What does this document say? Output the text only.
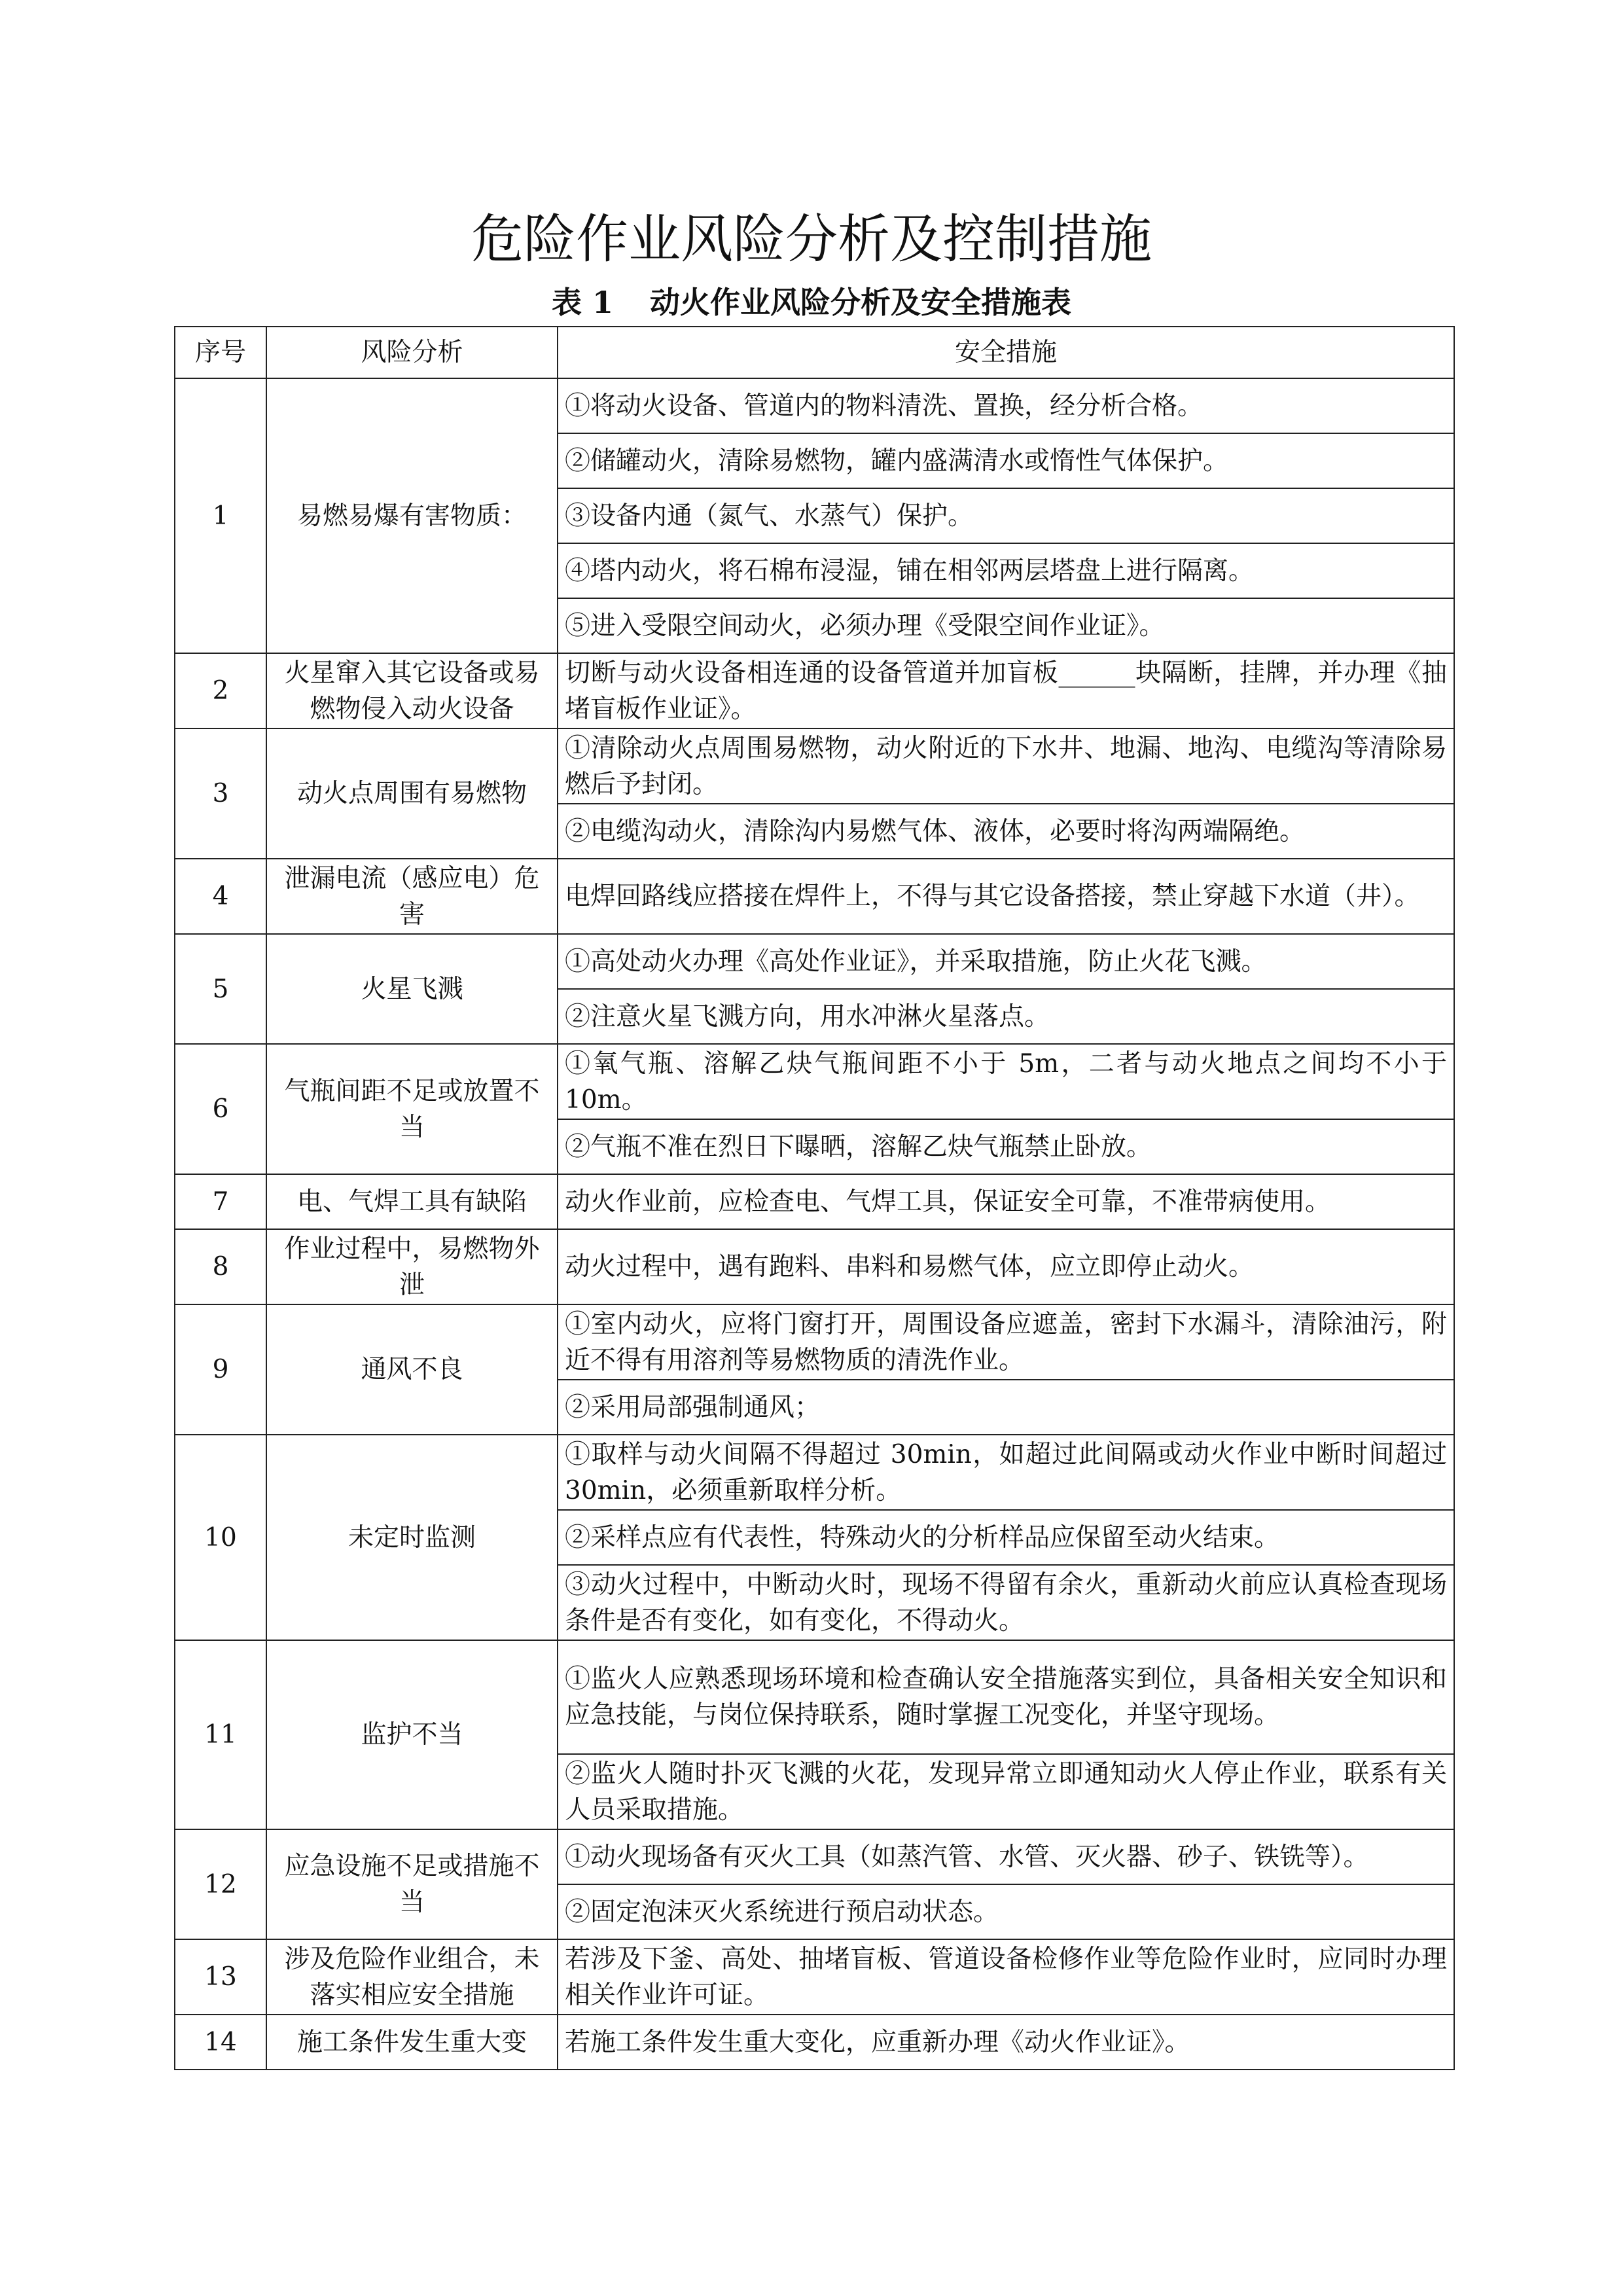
危险作业风险分析及控制措施
表 1 动火作业风险分析及安全措施表
序号	风险分析	安全措施
1	易燃易爆有害物质：	①将动火设备、管道内的物料清洗、置换，经分析合格。
		②储罐动火，清除易燃物，罐内盛满清水或惰性气体保护。
		③设备内通（氮气、水蒸气）保护。
		④塔内动火，将石棉布浸湿，铺在相邻两层塔盘上进行隔离。
		⑤进入受限空间动火，必须办理《受限空间作业证》。
2	火星窜入其它设备或易燃物侵入动火设备	切断与动火设备相连通的设备管道并加盲板______块隔断，挂牌，并办理《抽堵盲板作业证》。
3	动火点周围有易燃物	①清除动火点周围易燃物，动火附近的下水井、地漏、地沟、电缆沟等清除易燃后予封闭。
		②电缆沟动火，清除沟内易燃气体、液体，必要时将沟两端隔绝。
4	泄漏电流（感应电）危害	电焊回路线应搭接在焊件上，不得与其它设备搭接，禁止穿越下水道（井）。
5	火星飞溅	①高处动火办理《高处作业证》，并采取措施，防止火花飞溅。
		②注意火星飞溅方向，用水冲淋火星落点。
6	气瓶间距不足或放置不当	①氧气瓶、溶解乙炔气瓶间距不小于 5m，二者与动火地点之间均不小于 10m。
		②气瓶不准在烈日下曝晒，溶解乙炔气瓶禁止卧放。
7	电、气焊工具有缺陷	动火作业前，应检查电、气焊工具，保证安全可靠，不准带病使用。
8	作业过程中，易燃物外泄	动火过程中，遇有跑料、串料和易燃气体，应立即停止动火。
9	通风不良	①室内动火，应将门窗打开，周围设备应遮盖，密封下水漏斗，清除油污，附近不得有用溶剂等易燃物质的清洗作业。
		②采用局部强制通风；
10	未定时监测	①取样与动火间隔不得超过 30min，如超过此间隔或动火作业中断时间超过 30min，必须重新取样分析。
		②采样点应有代表性，特殊动火的分析样品应保留至动火结束。
		③动火过程中，中断动火时，现场不得留有余火，重新动火前应认真检查现场条件是否有变化，如有变化，不得动火。
11	监护不当	①监火人应熟悉现场环境和检查确认安全措施落实到位，具备相关安全知识和应急技能，与岗位保持联系，随时掌握工况变化，并坚守现场。
		②监火人随时扑灭飞溅的火花，发现异常立即通知动火人停止作业，联系有关人员采取措施。
12	应急设施不足或措施不当	①动火现场备有灭火工具（如蒸汽管、水管、灭火器、砂子、铁铣等）。
		②固定泡沫灭火系统进行预启动状态。
13	涉及危险作业组合，未落实相应安全措施	若涉及下釜、高处、抽堵盲板、管道设备检修作业等危险作业时，应同时办理相关作业许可证。
14	施工条件发生重大变	若施工条件发生重大变化，应重新办理《动火作业证》。
